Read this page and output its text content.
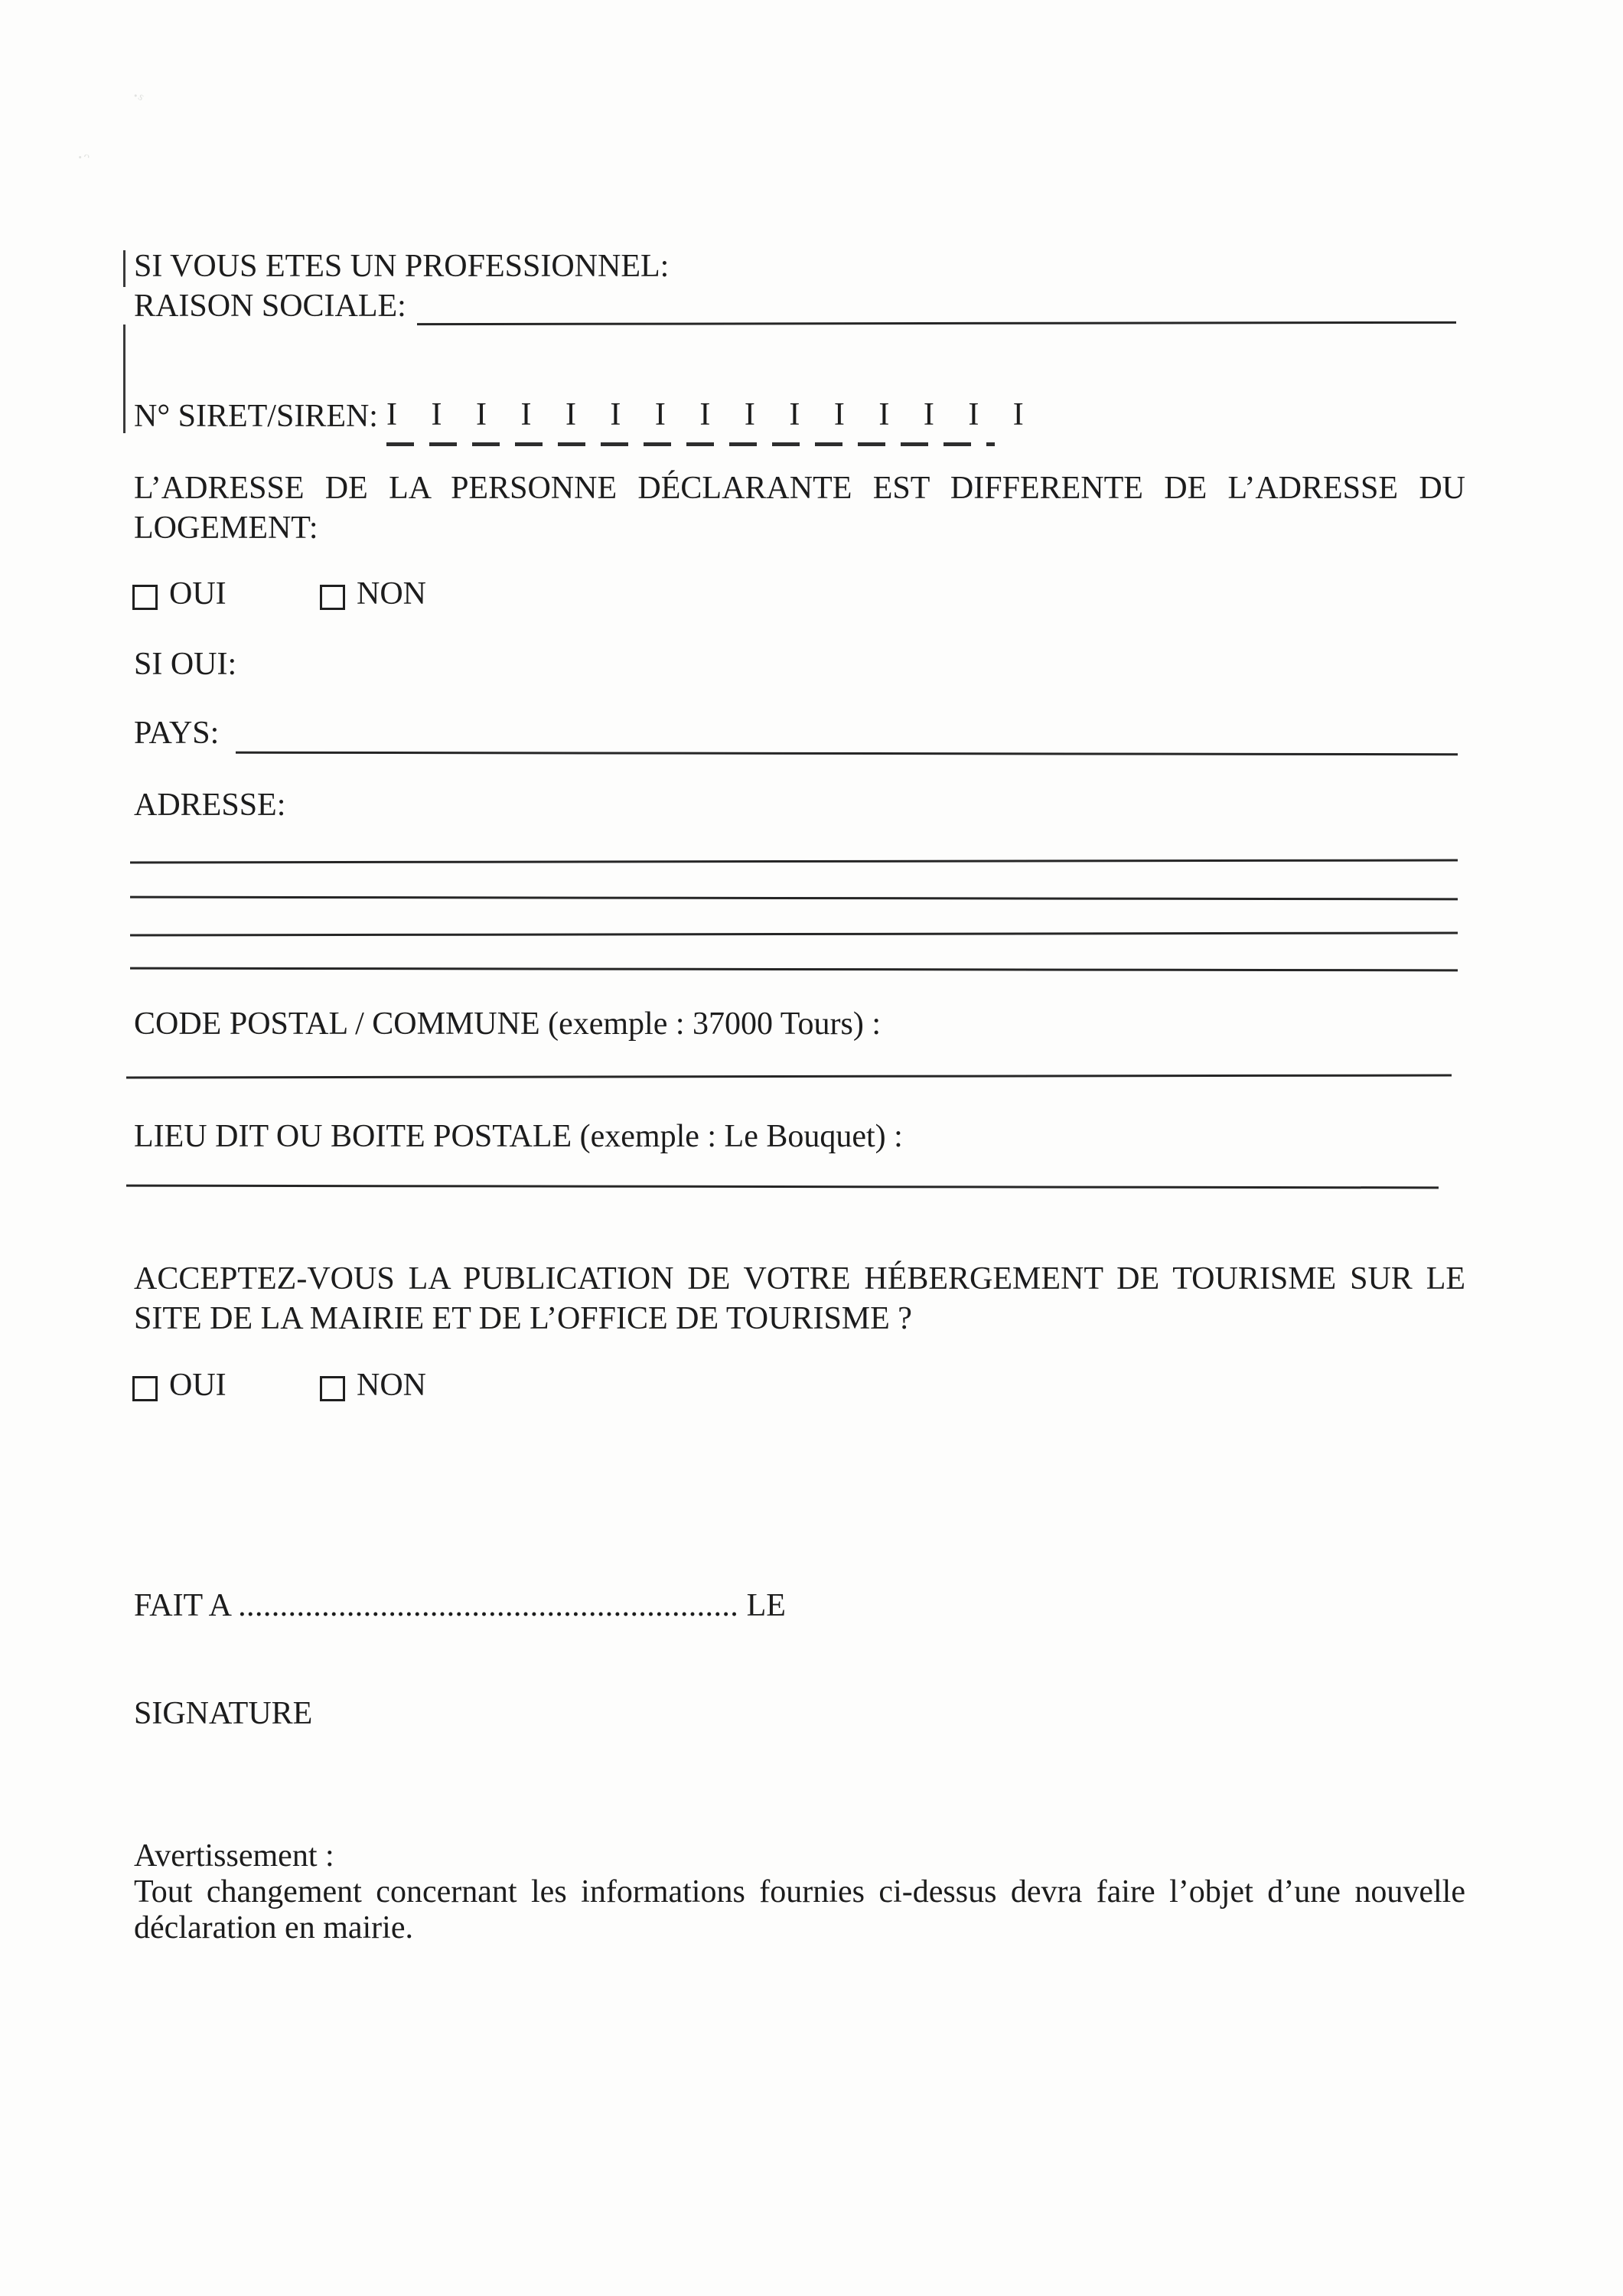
·ˢ
·ᵔ
SI VOUS ETES UN PROFESSIONNEL:
RAISON SOCIALE:
N° SIRET/SIREN: I    I    I    I    I    I    I    I    I    I    I    I    I    I    I
L’ADRESSE DE LA PERSONNE DÉCLARANTE EST DIFFERENTE DE L’ADRESSE DU
LOGEMENT:
OUI	NON
SI OUI:
PAYS:
ADRESSE:
CODE POSTAL / COMMUNE (exemple : 37000 Tours) :
LIEU DIT OU BOITE POSTALE (exemple : Le Bouquet) :
ACCEPTEZ-VOUS LA PUBLICATION DE VOTRE HÉBERGEMENT DE TOURISME SUR LE
SITE DE LA MAIRIE ET DE L’OFFICE DE TOURISME ?
OUI	NON
FAIT A ............................................................ LE
SIGNATURE
Avertissement :
Tout changement concernant les informations fournies ci-dessus devra faire l’objet d’une nouvelle
déclaration en mairie.
